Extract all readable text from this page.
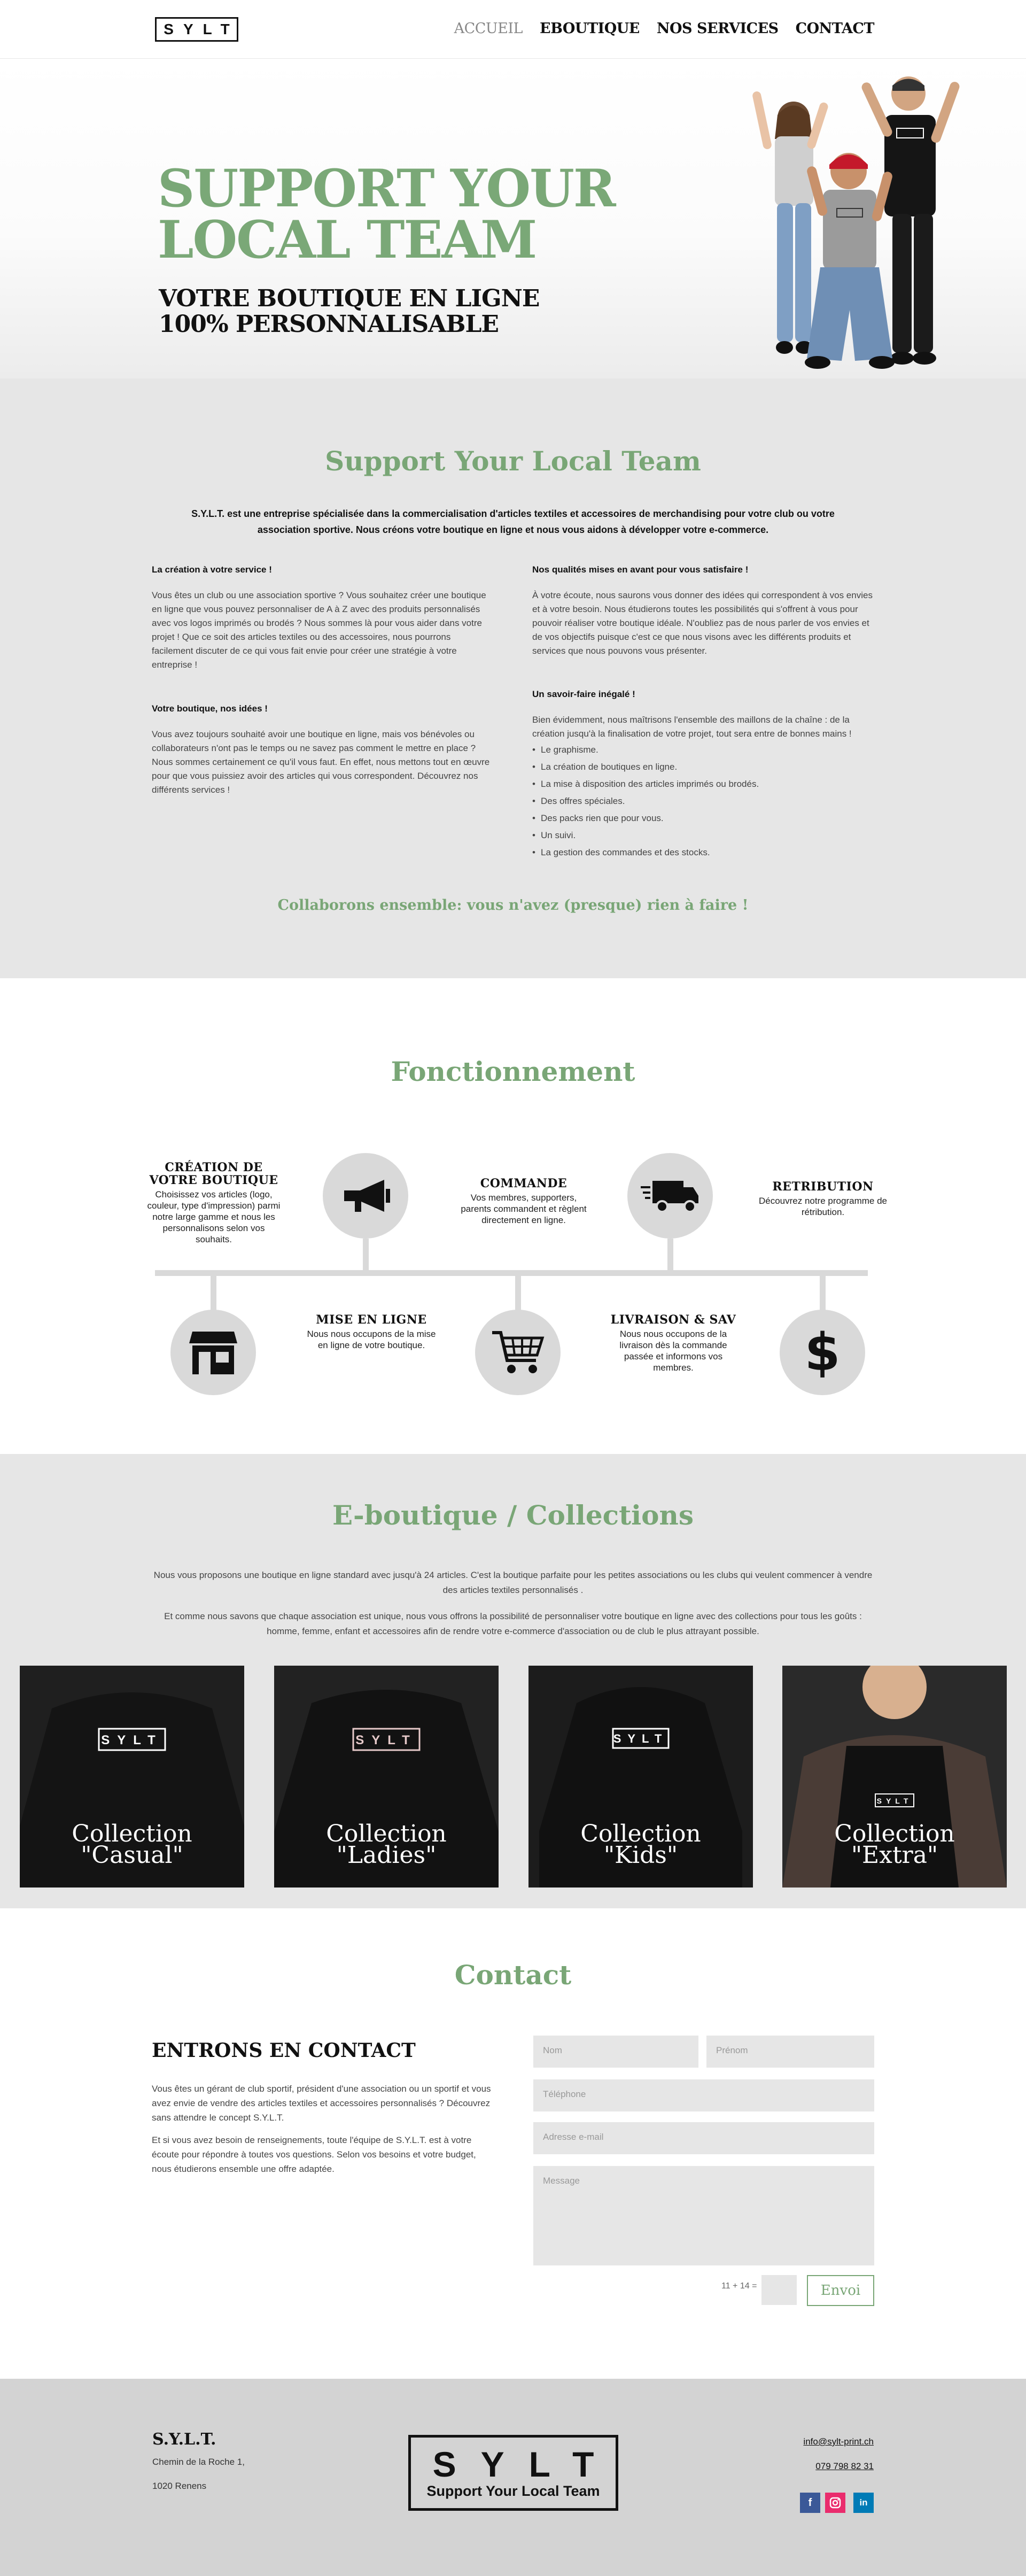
SYLT	ACCUEIL EBOUTIQUE NOS SERVICES CONTACT
SUPPORT YOUR
LOCAL TEAM
VOTRE BOUTIQUE EN LIGNE
100% PERSONNALISABLE
Support Your Local Team

S.Y.L.T. est une entreprise spécialisée dans la commercialisation d'articles textiles et accessoires de merchandising pour votre club ou votre association sportive. Nous créons votre boutique en ligne et nous vous aidons à développer votre e-commerce.

La création à votre service !

Vous êtes un club ou une association sportive ? Vous souhaitez créer une boutique en ligne que vous pouvez personnaliser de A à Z avec des produits personnalisés avec vos logos imprimés ou brodés ? Nous sommes là pour vous aider dans votre projet ! Que ce soit des articles textiles ou des accessoires, nous pourrons facilement discuter de ce qui vous fait envie pour créer une stratégie à votre entreprise !

Votre boutique, nos idées !

Vous avez toujours souhaité avoir une boutique en ligne, mais vos bénévoles ou collaborateurs n'ont pas le temps ou ne savez pas comment le mettre en place ? Nous sommes certainement ce qu'il vous faut. En effet, nous mettons tout en œuvre pour que vous puissiez avoir des articles qui vous correspondent. Découvrez nos différents services !

Nos qualités mises en avant pour vous satisfaire !

À votre écoute, nous saurons vous donner des idées qui correspondent à vos envies et à votre besoin. Nous étudierons toutes les possibilités qui s'offrent à vous pour pouvoir réaliser votre boutique idéale. N'oubliez pas de nous parler de vos envies et de vos objectifs puisque c'est ce que nous visons avec les différents produits et services que nous pouvons vous présenter.

Un savoir-faire inégalé !

Bien évidemment, nous maîtrisons l'ensemble des maillons de la chaîne : de la création jusqu'à la finalisation de votre projet, tout sera entre de bonnes mains !

• Le graphisme.
• La création de boutiques en ligne.
• La mise à disposition des articles imprimés ou brodés.
• Des offres spéciales.
• Des packs rien que pour vous.
• Un suivi.
• La gestion des commandes et des stocks.
Collaborons ensemble: vous n'avez (presque) rien à faire !
Fonctionnement
$
CRÉATION DE VOTRE BOUTIQUE

Choisissez vos articles (logo, couleur, type d'impression) parmi notre large gamme et nous les personnalisons selon vos souhaits.

COMMANDE

Vos membres, supporters, parents commandent et règlent directement en ligne.

RETRIBUTION

Découvrez notre programme de rétribution.

MISE EN LIGNE

Nous nous occupons de la mise en ligne de votre boutique.

LIVRAISON & SAV

Nous nous occupons de la livraison dès la commande passée et informons vos membres.

E-boutique / Collections

Nous vous proposons une boutique en ligne standard avec jusqu'à 24 articles. C'est la boutique parfaite pour les petites associations ou les clubs qui veulent commencer à vendre des articles textiles personnalisés .

Et comme nous savons que chaque association est unique, nous vous offrons la possibilité de personnaliser votre boutique en ligne avec des collections pour tous les goûts : homme, femme, enfant et accessoires afin de rendre votre e-commerce d'association ou de club le plus attrayant possible.

SYLT
Collection
"Casual"
SYLT
Collection
"Ladies"
SYLT
Collection
"Kids"
SYLT
Collection
"Extra"
Contact
ENTRONS EN CONTACT

Vous êtes un gérant de club sportif, président d'une association ou un sportif et vous avez envie de vendre des articles textiles et accessoires personnalisés ? Découvrez sans attendre le concept S.Y.L.T.

Et si vous avez besoin de renseignements, toute l'équipe de S.Y.L.T. est à votre écoute pour répondre à toutes vos questions. Selon vos besoins et votre budget, nous étudierons ensemble une offre adaptée.

Nom	Prénom
Téléphone
Adresse e-mail
Message
11 + 14 =	Envoi
S.Y.L.T.
Chemin de la Roche 1,
1020 Renens
SYLT
Support Your Local Team
info@sylt-print.ch
079 798 82 31
f	in
